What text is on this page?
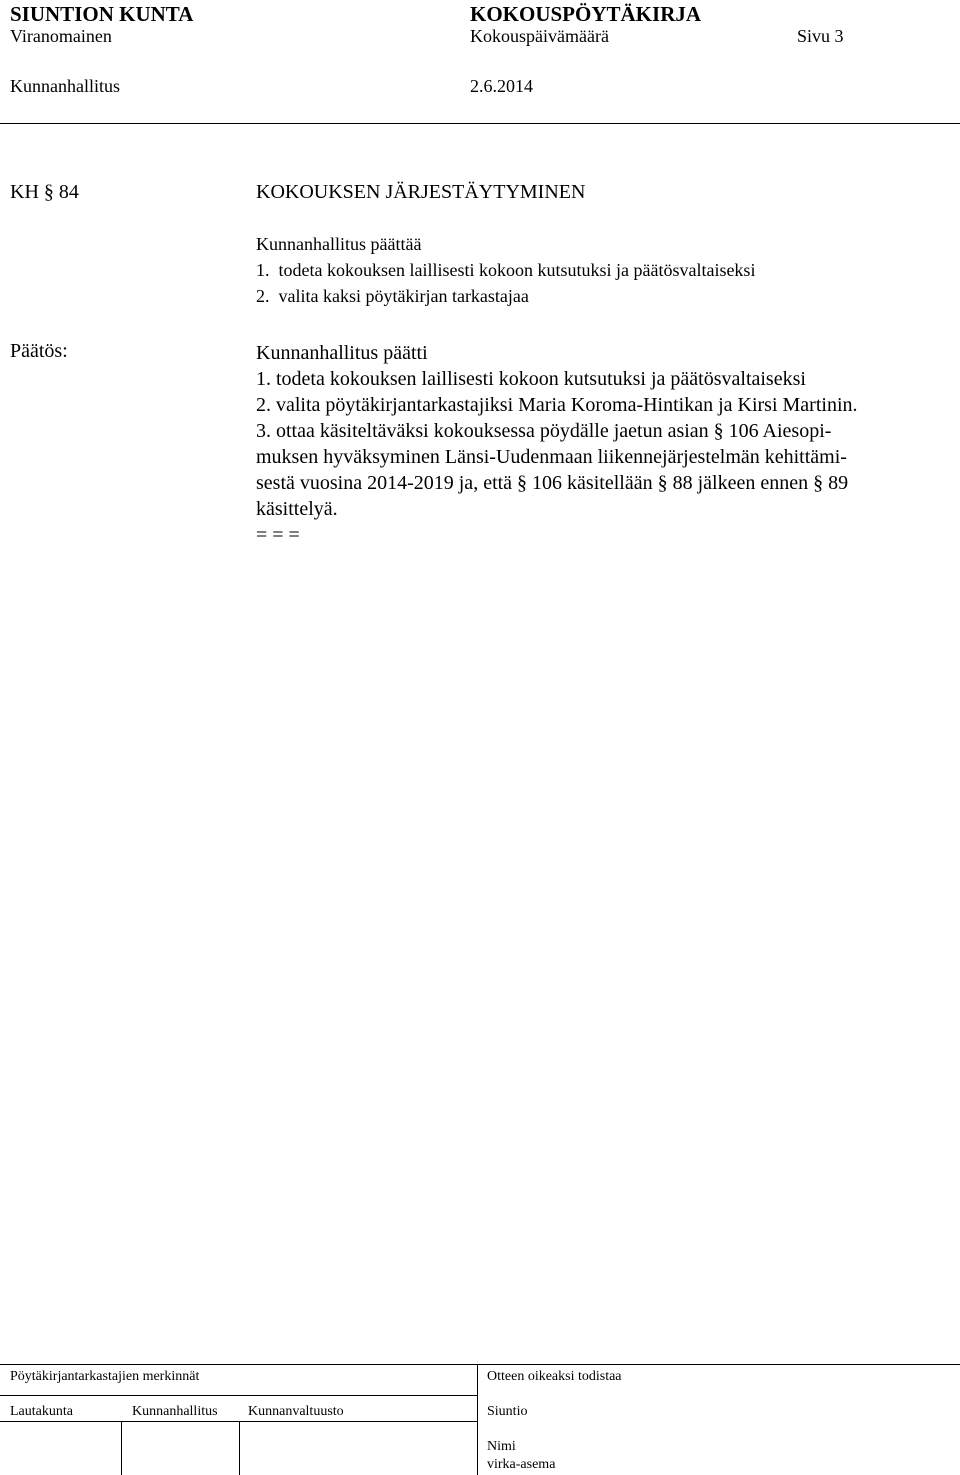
SIUNTION KUNTA	KOKOUSPÖYTÄKIRJA
Viranomainen	Kokouspäivämäärä	Sivu 3
Kunnanhallitus	2.6.2014
KH § 84	KOKOUKSEN JÄRJESTÄYTYMINEN
Kunnanhallitus päättää
1.  todeta kokouksen laillisesti kokoon kutsutuksi ja päätösvaltaiseksi
2.  valita kaksi pöytäkirjan tarkastajaa
Päätös:	Kunnanhallitus päätti
1. todeta kokouksen laillisesti kokoon kutsutuksi ja päätösvaltaiseksi
2. valita pöytäkirjantarkastajiksi Maria Koroma-Hintikan ja Kirsi Martinin.
3. ottaa käsiteltäväksi kokouksessa pöydälle jaetun asian § 106 Aiesopi-
muksen hyväksyminen Länsi-Uudenmaan liikennejärjestelmän kehittämi-
sestä vuosina 2014-2019 ja, että § 106 käsitellään § 88 jälkeen ennen § 89
käsittelyä.
= = =
Pöytäkirjantarkastajien merkinnät	Otteen oikeaksi todistaa
Lautakunta	Kunnanhallitus Kunnanvaltuusto	Siuntio
Nimi
virka-asema
